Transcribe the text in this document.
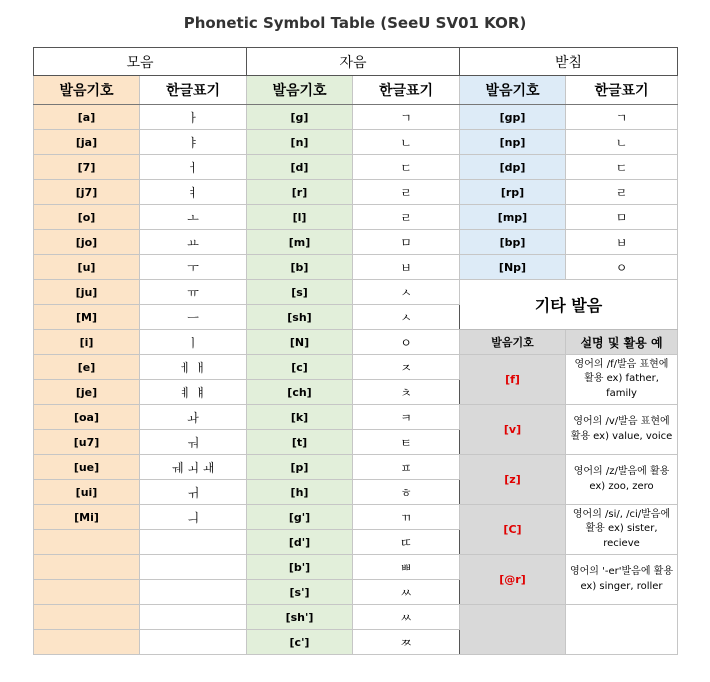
Phonetic Symbol Table (SeeU SV01 KOR)
모음		자음		받침	
발음기호	한글표기	발음기호	한글표기	발음기호	한글표기
[a]	ㅏ	[g]	ㄱ	[gp]	ㄱ
[ja]	ㅑ	[n]	ㄴ	[np]	ㄴ
[7]	ㅓ	[d]	ㄷ	[dp]	ㄷ
[j7]	ㅕ	[r]	ㄹ	[rp]	ㄹ
[o]	ㅗ	[l]	ㄹ	[mp]	ㅁ
[jo]	ㅛ	[m]	ㅁ	[bp]	ㅂ
[u]	ㅜ	[b]	ㅂ	[Np]	ㅇ
[ju]	ㅠ	[s]	ㅅ	기타 발음	
[M]	ㅡ	[sh]	ㅅ		
[i]	ㅣ	[N]	ㅇ	발음기호	설명 및 활용 예
[e]	ㅔ ㅐ	[c]	ㅈ	[f]	영어의 /f/발음 표현에 활용 ex) father, family
[je]	ㅖ ㅒ	[ch]	ㅊ		
[oa]	ㅘ	[k]	ㅋ	[v]	영어의 /v/발음 표현에 활용 ex) value, voice
[u7]	ㅝ	[t]	ㅌ		
[ue]	ㅞ ㅚ ㅙ	[p]	ㅍ	[z]	영어의 /z/발음에 활용 ex) zoo, zero
[ui]	ㅟ	[h]	ㅎ		
[Mi]	ㅢ	[g']	ㄲ	[C]	영어의 /si/, /ci/발음에 활용 ex) sister, recieve
		[d']	ㄸ		
		[b']	ㅃ	[@r]	영어의 '-er'발음에 활용 ex) singer, roller
		[s']	ㅆ		
		[sh']	ㅆ		
		[c']	ㅉ		
